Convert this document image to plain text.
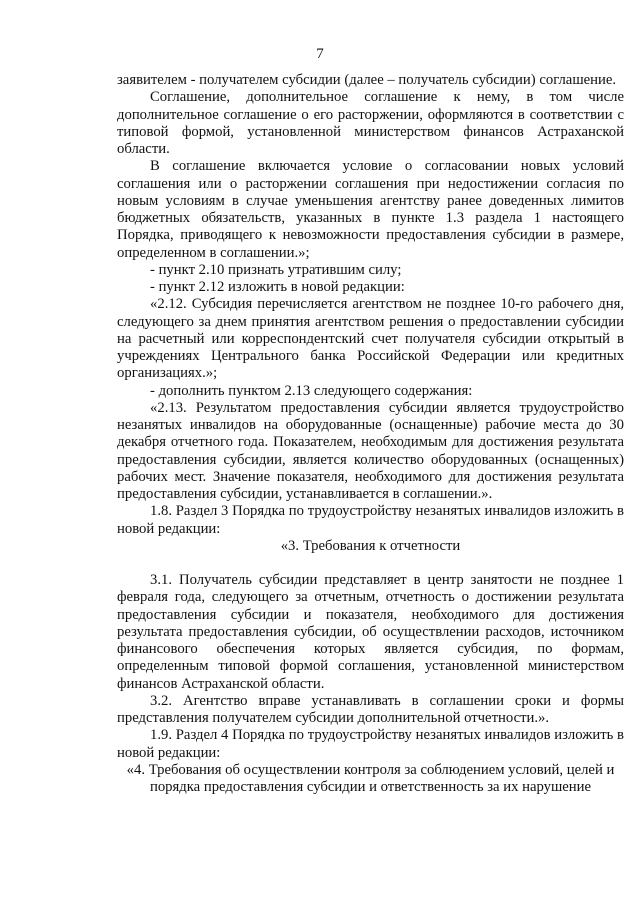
7

заявителем - получателем субсидии (далее – получатель субсидии) соглашение.

Соглашение, дополнительное соглашение к нему, в том числе дополнительное соглашение о его расторжении, оформляются в соответствии с типовой формой, установленной министерством финансов Астраханской области.

В соглашение включается условие о согласовании новых условий соглашения или о расторжении соглашения при недостижении согласия по новым условиям в случае уменьшения агентству ранее доведенных лимитов бюджетных обязательств, указанных в пункте 1.3 раздела 1 настоящего Порядка, приводящего к невозможности предоставления субсидии в размере, определенном в соглашении.»;

- пункт 2.10 признать утратившим силу;

- пункт 2.12 изложить в новой редакции:

«2.12. Субсидия перечисляется агентством не позднее 10-го рабочего дня, следующего за днем принятия агентством решения о предоставлении субсидии на расчетный или корреспондентский счет получателя субсидии открытый в учреждениях Центрального банка Российской Федерации или кредитных организациях.»;

- дополнить пунктом 2.13 следующего содержания:

«2.13. Результатом предоставления субсидии является трудоустройство незанятых инвалидов на оборудованные (оснащенные) рабочие места до 30 декабря отчетного года. Показателем, необходимым для достижения результата предоставления субсидии, является количество оборудованных (оснащенных) рабочих мест. Значение показателя, необходимого для достижения результата предоставления субсидии, устанавливается в соглашении.».

1.8. Раздел 3 Порядка по трудоустройству незанятых инвалидов изложить в новой редакции:

«3. Требования к отчетности

3.1. Получатель субсидии представляет в центр занятости не позднее 1 февраля года, следующего за отчетным, отчетность о достижении результата предоставления субсидии и показателя, необходимого для достижения результата предоставления субсидии, об осуществлении расходов, источником финансового обеспечения которых является субсидия, по формам, определенным типовой формой соглашения, установленной министерством финансов Астраханской области.

3.2. Агентство вправе устанавливать в соглашении сроки и формы представления получателем субсидии дополнительной отчетности.».

1.9. Раздел 4 Порядка по трудоустройству незанятых инвалидов изложить в новой редакции:

«4. Требования об осуществлении контроля за соблюдением условий, целей и порядка предоставления субсидии и ответственность за их нарушение
